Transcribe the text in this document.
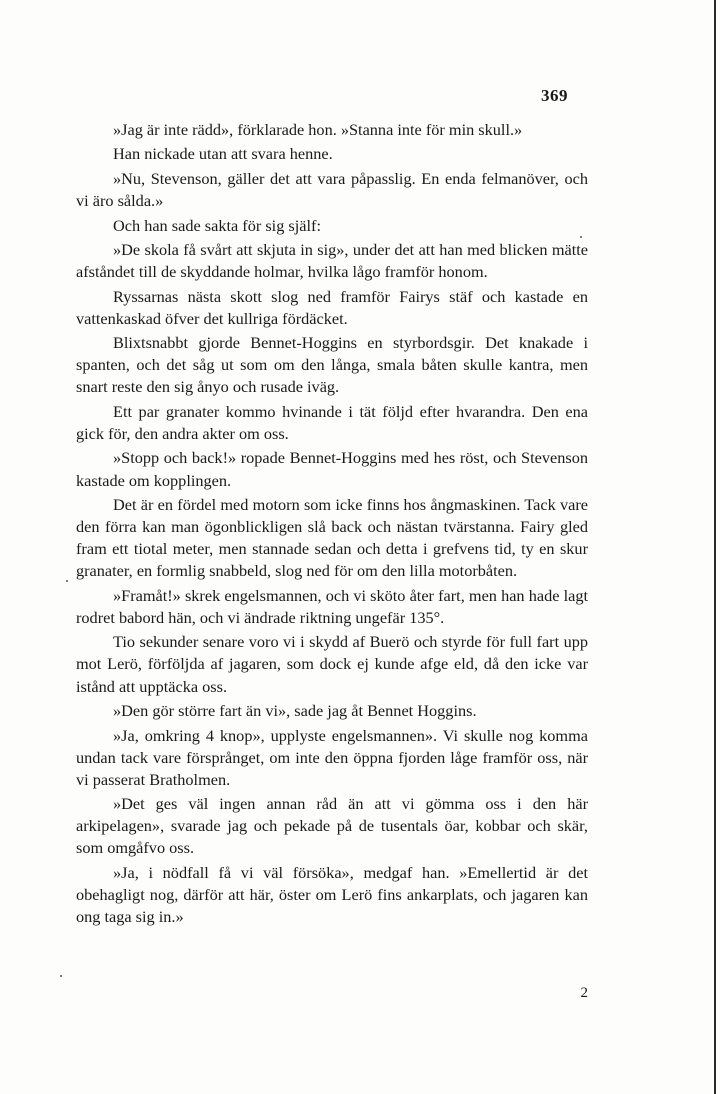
369

»Jag är inte rädd», förklarade hon. »Stanna inte för min skull.»

Han nickade utan att svara henne.

»Nu, Stevenson, gäller det att vara påpasslig. En enda felmanöver, och vi äro sålda.»

Och han sade sakta för sig själf:

»De skola få svårt att skjuta in sig», under det att han med blicken mätte afståndet till de skyddande holmar, hvilka lågo framför honom.

Ryssarnas nästa skott slog ned framför Fairys stäf och kastade en vattenkaskad öfver det kullriga fördäcket.

Blixtsnabbt gjorde Bennet-Hoggins en styrbordsgir. Det knakade i spanten, och det såg ut som om den långa, smala båten skulle kantra, men snart reste den sig ånyo och rusade iväg.

Ett par granater kommo hvinande i tät följd efter hvarandra. Den ena gick för, den andra akter om oss.

»Stopp och back!» ropade Bennet-Hoggins med hes röst, och Stevenson kastade om kopplingen.

Det är en fördel med motorn som icke finns hos ångmaskinen. Tack vare den förra kan man ögonblickligen slå back och nästan tvärstanna. Fairy gled fram ett tiotal meter, men stannade sedan och detta i grefvens tid, ty en skur granater, en formlig snabbeld, slog ned för om den lilla motorbåten.

»Framåt!» skrek engelsmannen, och vi sköto åter fart, men han hade lagt rodret babord hän, och vi ändrade riktning ungefär 135°.

Tio sekunder senare voro vi i skydd af Buerö och styrde för full fart upp mot Lerö, förföljda af jagaren, som dock ej kunde afge eld, då den icke var istånd att upptäcka oss.

»Den gör större fart än vi», sade jag åt Bennet Hoggins.

»Ja, omkring 4 knop», upplyste engelsmannen». Vi skulle nog komma undan tack vare försprånget, om inte den öppna fjorden låge framför oss, när vi passerat Bratholmen.

»Det ges väl ingen annan råd än att vi gömma oss i den här arkipelagen», svarade jag och pekade på de tusentals öar, kobbar och skär, som omgåfvo oss.

»Ja, i nödfall få vi väl försöka», medgaf han. »Emellertid är det obehagligt nog, därför att här, öster om Lerö fins ankarplats, och jagaren kan ong taga sig in.»

2
